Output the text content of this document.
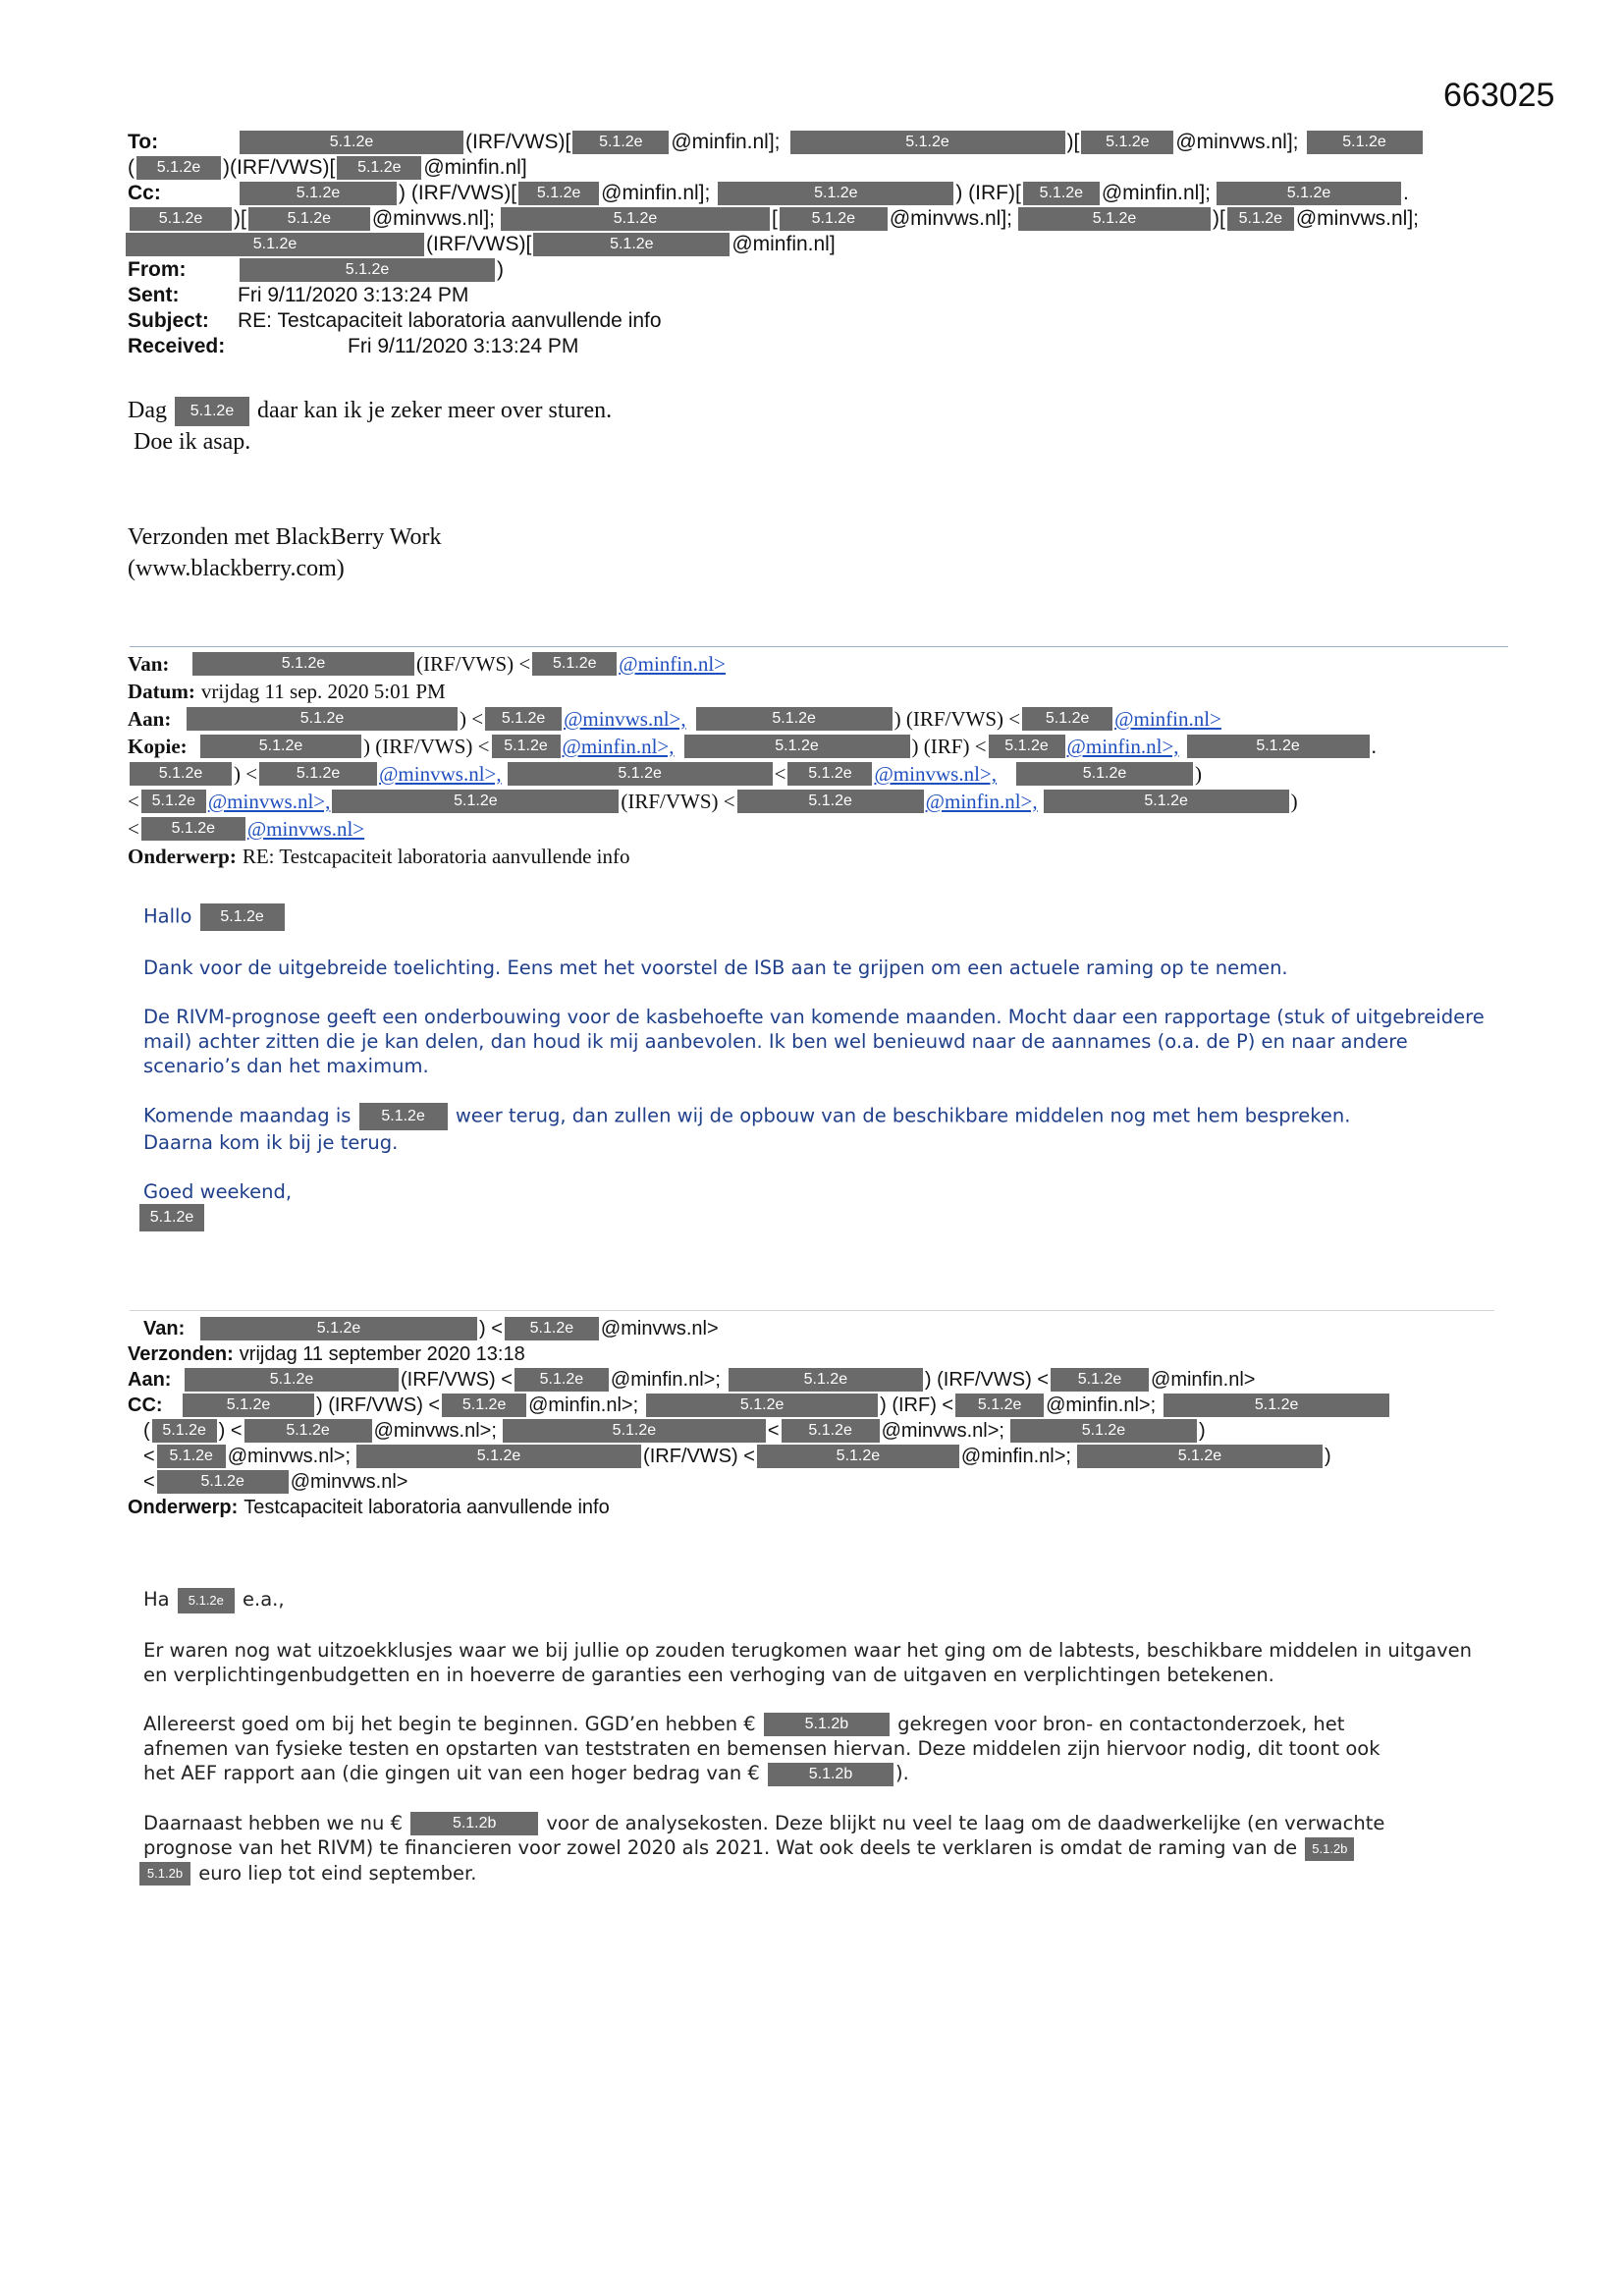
663025
To:	5.1.2e	(IRF/VWS)[	5.1.2e	@minfin.nl];	5.1.2e	)[	5.1.2e	@minvws.nl];	5.1.2e
(	5.1.2e	)(IRF/VWS)[	5.1.2e	@minfin.nl]
Cc:	5.1.2e	) (IRF/VWS)[	5.1.2e @minfin.nl];	5.1.2e	) (IRF)[	5.1.2e @minfin.nl];	5.1.2e	.
5.1.2e	)[	5.1.2e	@minvws.nl];	5.1.2e	[	5.1.2e	@minvws.nl];	5.1.2e	)[ 5.1.2e @minvws.nl];
5.1.2e	(IRF/VWS)[	5.1.2e	@minfin.nl]
From:	5.1.2e	)
Sent:	Fri 9/11/2020 3:13:24 PM
Subject:	RE: Testcapaciteit laboratoria aanvullende info
Received:	Fri 9/11/2020 3:13:24 PM
Dag 5.1.2e daar kan ik je zeker meer over sturen.
Doe ik asap.
Verzonden met BlackBerry Work
(www.blackberry.com)
Van:	5.1.2e	(IRF/VWS) <	5.1.2e	@minfin.nl>
Datum: vrijdag 11 sep. 2020 5:01 PM
Aan:	5.1.2e	) <	5.1.2e @minvws.nl>,	5.1.2e	) (IRF/VWS) <	5.1.2e	@minfin.nl>
Kopie:	5.1.2e	) (IRF/VWS) < 5.1.2e @minfin.nl>,	5.1.2e	) (IRF) <	5.1.2e @minfin.nl>,	5.1.2e	.
5.1.2e	) <	5.1.2e	@minvws.nl>,	5.1.2e	<	5.1.2e	@minvws.nl>,	5.1.2e	)
< 5.1.2e @minvws.nl>,	5.1.2e	(IRF/VWS) <	5.1.2e	@minfin.nl>,	5.1.2e	)
<	5.1.2e	@minvws.nl>
Onderwerp: RE: Testcapaciteit laboratoria aanvullende info
Hallo 5.1.2e
Dank voor de uitgebreide toelichting. Eens met het voorstel de ISB aan te grijpen om een actuele raming op te nemen.
De RIVM-prognose geeft een onderbouwing voor de kasbehoefte van komende maanden. Mocht daar een rapportage (stuk of uitgebreidere mail) achter zitten die je kan delen, dan houd ik mij aanbevolen. Ik ben wel benieuwd naar de aannames (o.a. de P) en naar andere scenario’s dan het maximum.
Komende maandag is 5.1.2e weer terug, dan zullen wij de opbouw van de beschikbare middelen nog met hem bespreken.
Daarna kom ik bij je terug.
Goed weekend,
5.1.2e
Van:	5.1.2e	) <	5.1.2e	@minvws.nl>
Verzonden: vrijdag 11 september 2020 13:18
Aan:	5.1.2e	(IRF/VWS) <	5.1.2e	@minfin.nl>;	5.1.2e	) (IRF/VWS) <	5.1.2e	@minfin.nl>
CC:	5.1.2e	) (IRF/VWS) <	5.1.2e	@minfin.nl>;	5.1.2e	) (IRF) <	5.1.2e	@minfin.nl>;	5.1.2e
( 5.1.2e ) <	5.1.2e	@minvws.nl>;	5.1.2e	<	5.1.2e	@minvws.nl>;	5.1.2e	)
< 5.1.2e @minvws.nl>;	5.1.2e	(IRF/VWS) <	5.1.2e	@minfin.nl>;	5.1.2e	)
<	5.1.2e	@minvws.nl>
Onderwerp: Testcapaciteit laboratoria aanvullende info
Ha 5.1.2e e.a.,
Er waren nog wat uitzoekklusjes waar we bij jullie op zouden terugkomen waar het ging om de labtests, beschikbare middelen in uitgaven en verplichtingenbudgetten en in hoeverre de garanties een verhoging van de uitgaven en verplichtingen betekenen.
Allereerst goed om bij het begin te beginnen. GGD’en hebben €	5.1.2b	gekregen voor bron- en contactonderzoek, het
afnemen van fysieke testen en opstarten van teststraten en bemensen hiervan. Deze middelen zijn hiervoor nodig, dit toont ook
het AEF rapport aan (die gingen uit van een hoger bedrag van €	5.1.2b ).
Daarnaast hebben we nu €	5.1.2b	voor de analysekosten. Deze blijkt nu veel te laag om de daadwerkelijke (en verwachte
prognose van het RIVM) te financieren voor zowel 2020 als 2021. Wat ook deels te verklaren is omdat de raming van de 5.1.2b
5.1.2b euro liep tot eind september.
